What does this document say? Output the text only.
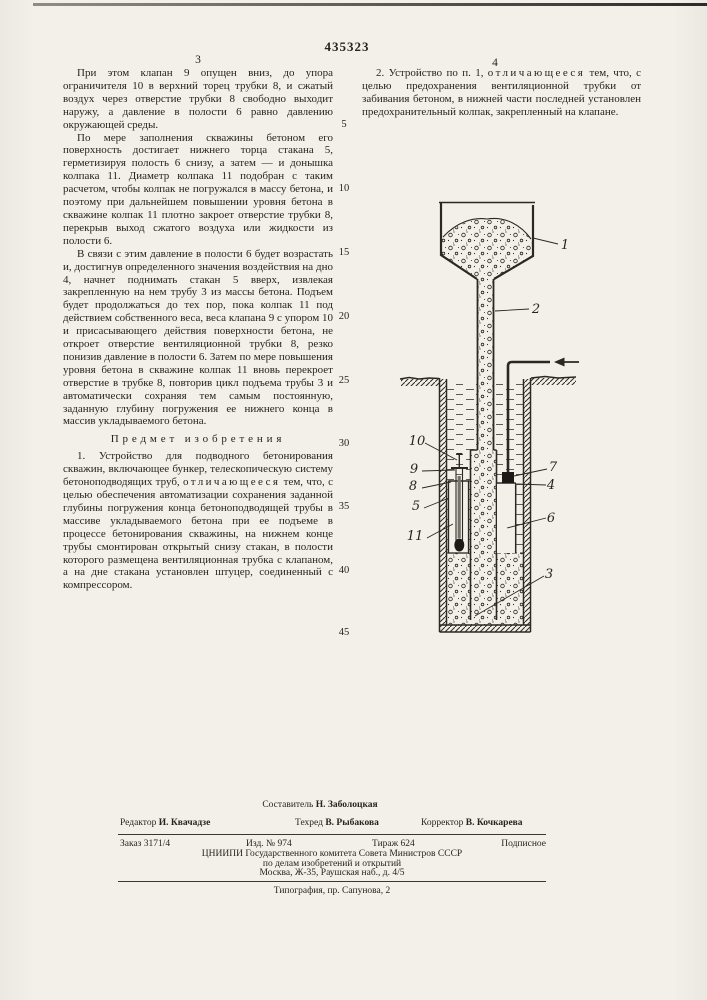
435323
3	4

При этом клапан 9 опущен вниз, до упора ограничителя 10 в верхний торец трубки 8, и сжатый воздух через отверстие трубки 8 свободно выходит наружу, а давление в полости 6 равно давлению окружающей среды.

По мере заполнения скважины бетоном его поверхность достигает нижнего торца стакана 5, герметизируя полость 6 снизу, а затем — и донышка колпака 11. Диаметр колпака 11 подобран с таким расчетом, чтобы колпак не погружался в массу бетона, и поэтому при дальнейшем повышении уровня бетона в скважине колпак 11 плотно закроет отверстие трубки 8, перекрыв выход сжатого воздуха или жидкости из полости 6.

В связи с этим давление в полости 6 будет возрастать и, достигнув определенного значения воздействия на дно 4, начнет поднимать стакан 5 вверх, извлекая закрепленную на нем трубу 3 из массы бетона. Подъем будет продолжаться до тех пор, пока колпак 11 под действием собственного веса, веса клапана 9 с упором 10 и присасывающего действия поверхности бетона, не откроет отверстие вентиляционной трубки 8, резко понизив давление в полости 6. Затем по мере повышения уровня бетона в скважине колпак 11 вновь перекроет отверстие в трубке 8, повторив цикл подъема трубы 3 и автоматически сохраняя тем самым постоянную, заданную глубину погружения ее нижнего конца в массив укладываемого бетона.

Предмет изобретения

1. Устройство для подводного бетонирования скважин, включающее бункер, телескопическую систему бетоноподводящих труб, отличающееся тем, что, с целью обеспечения автоматизации сохранения заданной глубины погружения конца бетоноподводящей трубы в массиве укладываемого бетона при ее подъеме в процессе бетонирования скважины, на нижнем конце трубы смонтирован открытый снизу стакан, в полости которого размещена вентиляционная трубка с клапаном, а на дне стакана установлен штуцер, соединенный с компрессором.

2. Устройство по п. 1, отличающееся тем, что, с целью предохранения вентиляционной трубки от забивания бетоном, в нижней части последней установлен предохранительный колпак, закрепленный на клапане.

5
10
15
20
25
30
35
40
45
1
2
10
9
8
5
11
7
4
6
3
Составитель Н. Заболоцкая
Редактор И. Квачадзе	Техред В. Рыбакова	Корректор В. Кочкарева
Заказ 3171/4	Изд. № 974	Тираж 624	Подписное
ЦНИИПИ Государственного комитета Совета Министров СССР
по делам изобретений и открытий
Москва, Ж-35, Раушская наб., д. 4/5
Типография, пр. Сапунова, 2
